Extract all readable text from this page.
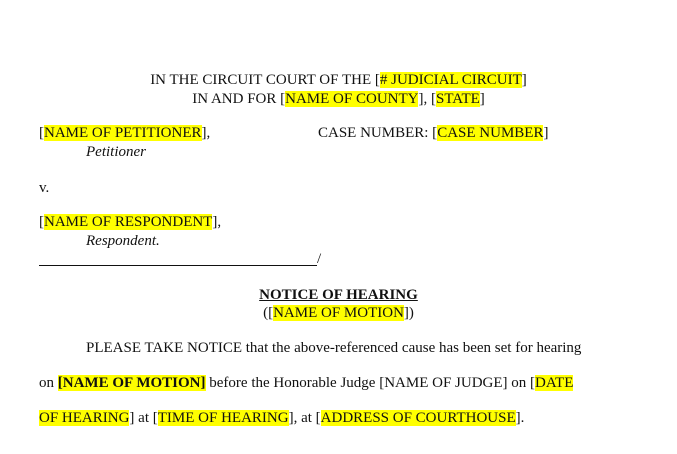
IN THE CIRCUIT COURT OF THE [# JUDICIAL CIRCUIT]
IN AND FOR [NAME OF COUNTY], [STATE]
[NAME OF PETITIONER],	CASE NUMBER: [CASE NUMBER]
Petitioner
v.
[NAME OF RESPONDENT],
Respondent.
/
NOTICE OF HEARING
([NAME OF MOTION])
PLEASE TAKE NOTICE that the above-referenced cause has been set for hearing
on [NAME OF MOTION] before the Honorable Judge [NAME OF JUDGE] on [DATE
OF HEARING] at [TIME OF HEARING], at [ADDRESS OF COURTHOUSE].
